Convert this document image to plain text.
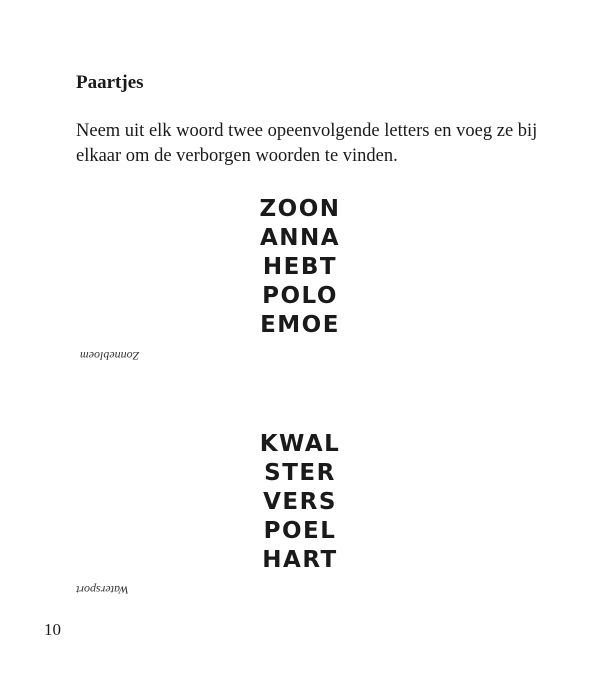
Paartjes

Neem uit elk woord twee opeenvolgende letters en voeg ze bij elkaar om de verborgen woorden te vinden.

ZOON
ANNA
HEBT
POLO
EMOE
Zonnebloem
KWAL
STER
VERS
POEL
HART
Watersport

10
